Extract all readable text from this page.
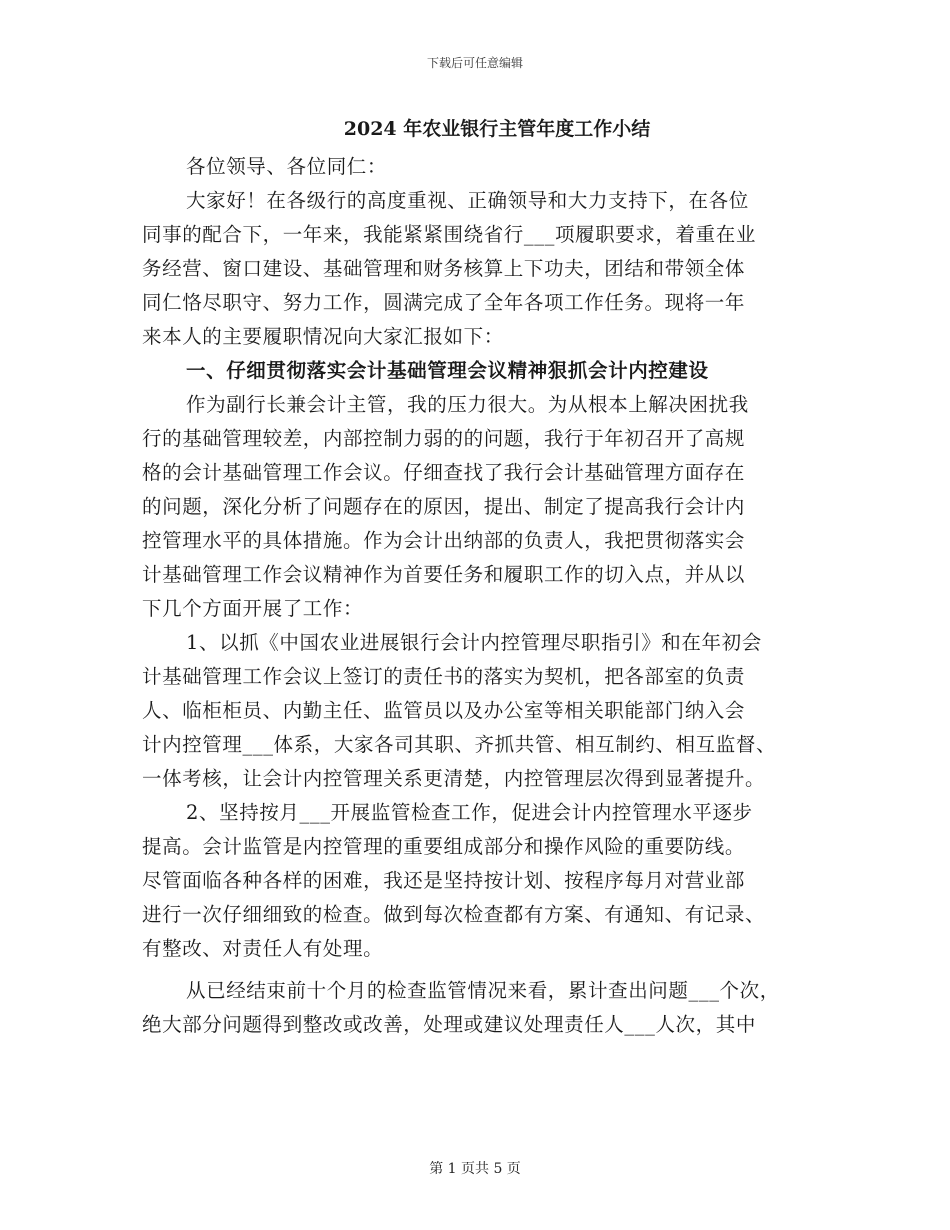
下载后可任意编辑
2024 年农业银行主管年度工作小结
各位领导、各位同仁：
大家好！在各级行的高度重视、正确领导和大力支持下，在各位
同事的配合下，一年来，我能紧紧围绕省行___项履职要求，着重在业
务经营、窗口建设、基础管理和财务核算上下功夫，团结和带领全体
同仁恪尽职守、努力工作，圆满完成了全年各项工作任务。现将一年
来本人的主要履职情况向大家汇报如下：
一、仔细贯彻落实会计基础管理会议精神狠抓会计内控建设
作为副行长兼会计主管，我的压力很大。为从根本上解决困扰我
行的基础管理较差，内部控制力弱的的问题，我行于年初召开了高规
格的会计基础管理工作会议。仔细查找了我行会计基础管理方面存在
的问题，深化分析了问题存在的原因，提出、制定了提高我行会计内
控管理水平的具体措施。作为会计出纳部的负责人，我把贯彻落实会
计基础管理工作会议精神作为首要任务和履职工作的切入点，并从以
下几个方面开展了工作：
1、以抓《中国农业进展银行会计内控管理尽职指引》和在年初会
计基础管理工作会议上签订的责任书的落实为契机，把各部室的负责
人、临柜柜员、内勤主任、监管员以及办公室等相关职能部门纳入会
计内控管理___体系，大家各司其职、齐抓共管、相互制约、相互监督、
一体考核，让会计内控管理关系更清楚，内控管理层次得到显著提升。
2、坚持按月___开展监管检查工作，促进会计内控管理水平逐步
提高。会计监管是内控管理的重要组成部分和操作风险的重要防线。
尽管面临各种各样的困难，我还是坚持按计划、按程序每月对营业部
进行一次仔细细致的检查。做到每次检查都有方案、有通知、有记录、
有整改、对责任人有处理。
从已经结束前十个月的检查监管情况来看，累计查出问题___个次，
绝大部分问题得到整改或改善，处理或建议处理责任人___人次，其中
第 1 页共 5 页
